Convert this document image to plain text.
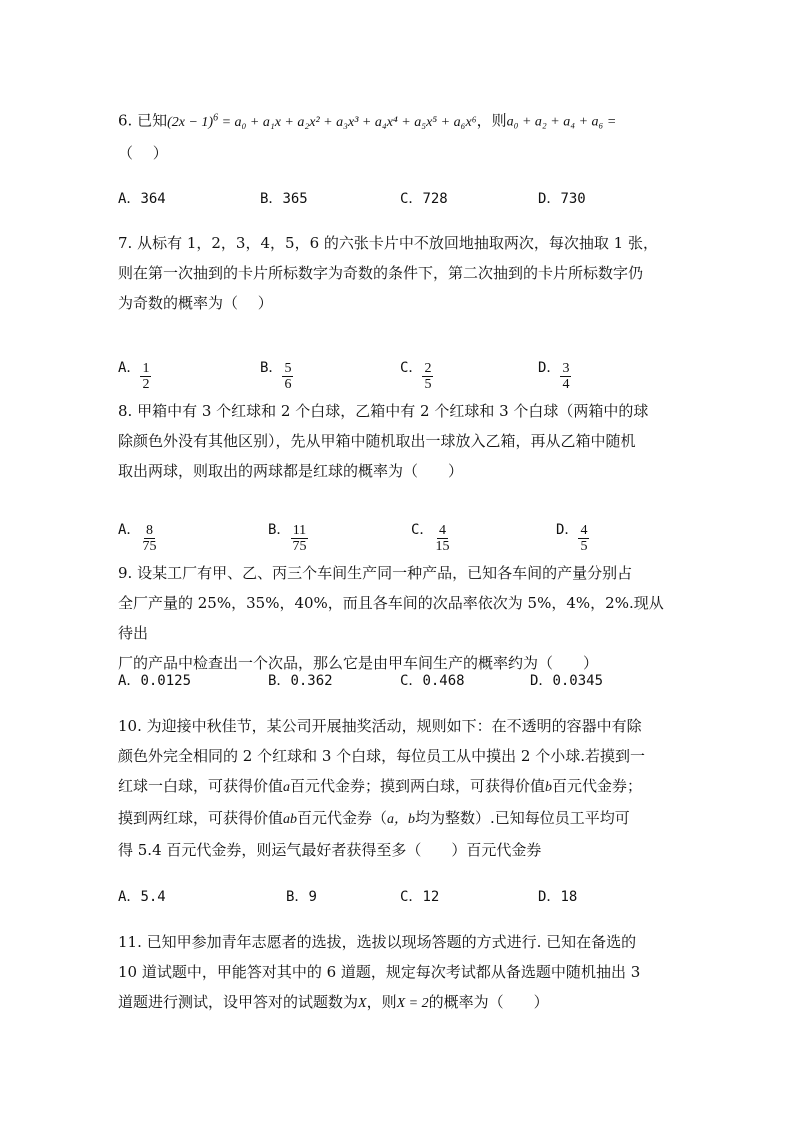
6. 已知$(2x - 1)^6 = a_0 + a_1x + a_2x^2 + a_3x^3 + a_4x^4 + a_5x^5 + a_6x^6$，则a₀ + a₂ + a₄ + a₆ =

（　 ）

A．364	B．365	C．728	D．730

7. 从标有 1，2，3，4，5，6 的六张卡片中不放回地抽取两次，每次抽取 1 张，

则在第一次抽到的卡片所标数字为奇数的条件下，第二次抽到的卡片所标数字仍

为奇数的概率为（　 ）

A． $\frac{1}{2}$	B． $\frac{5}{6}$	C． $\frac{2}{5}$	D． $\frac{3}{4}$

8. 甲箱中有 3 个红球和 2 个白球，乙箱中有 2 个红球和 3 个白球（两箱中的球

除颜色外没有其他区别），先从甲箱中随机取出一球放入乙箱，再从乙箱中随机

取出两球，则取出的两球都是红球的概率为（　　）

A． $\frac{8}{75}$	B． $\frac{11}{75}$	C． $\frac{4}{15}$	D． $\frac{4}{5}$

9. 设某工厂有甲、乙、丙三个车间生产同一种产品，已知各车间的产量分别占

全厂产量的 25%，35%，40%，而且各车间的次品率依次为 5%，4%，2%.现从待出

厂的产品中检查出一个次品，那么它是由甲车间生产的概率约为（　　）

A．0.0125	B．0.362	C．0.468	D．0.0345

10. 为迎接中秋佳节，某公司开展抽奖活动，规则如下：在不透明的容器中有除

颜色外完全相同的 2 个红球和 3 个白球，每位员工从中摸出 2 个小球.若摸到一

红球一白球，可获得价值a百元代金券；摸到两白球，可获得价值b百元代金券；

摸到两红球，可获得价值ab百元代金券（a，b均为整数）.已知每位员工平均可

得 5.4 百元代金券，则运气最好者获得至多（　　）百元代金券

A．5.4	B．9	C．12	D．18

11. 已知甲参加青年志愿者的选拔，选拔以现场答题的方式进行. 已知在备选的

10 道试题中，甲能答对其中的 6 道题，规定每次考试都从备选题中随机抽出 3

道题进行测试，设甲答对的试题数为X，则X = 2的概率为（　　）
